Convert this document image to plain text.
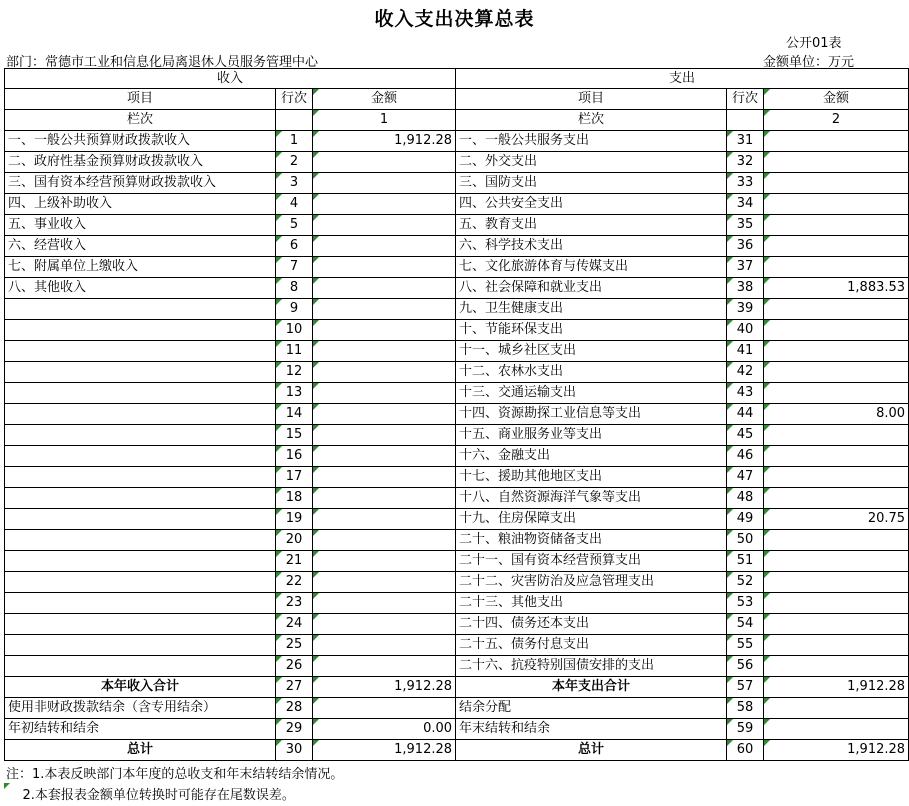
收入支出决算总表
公开01表
部门：常德市工业和信息化局离退休人员服务管理中心	金额单位：万元
收入			支出		
项目	行次	金额	项目	行次	金额
栏次		1	栏次		2
一、一般公共预算财政拨款收入	1	1,912.28	一、一般公共服务支出	31	
二、政府性基金预算财政拨款收入	2		二、外交支出	32	
三、国有资本经营预算财政拨款收入	3		三、国防支出	33	
四、上级补助收入	4		四、公共安全支出	34	
五、事业收入	5		五、教育支出	35	
六、经营收入	6		六、科学技术支出	36	
七、附属单位上缴收入	7		七、文化旅游体育与传媒支出	37	
八、其他收入	8		八、社会保障和就业支出	38	1,883.53
	9		九、卫生健康支出	39	
	10		十、节能环保支出	40	
	11		十一、城乡社区支出	41	
	12		十二、农林水支出	42	
	13		十三、交通运输支出	43	
	14		十四、资源勘探工业信息等支出	44	8.00
	15		十五、商业服务业等支出	45	
	16		十六、金融支出	46	
	17		十七、援助其他地区支出	47	
	18		十八、自然资源海洋气象等支出	48	
	19		十九、住房保障支出	49	20.75
	20		二十、粮油物资储备支出	50	
	21		二十一、国有资本经营预算支出	51	
	22		二十二、灾害防治及应急管理支出	52	
	23		二十三、其他支出	53	
	24		二十四、债务还本支出	54	
	25		二十五、债务付息支出	55	
	26		二十六、抗疫特别国债安排的支出	56	
本年收入合计	27	1,912.28	本年支出合计	57	1,912.28
使用非财政拨款结余（含专用结余）	28		结余分配	58	
年初结转和结余	29	0.00	年末结转和结余	59	
总计	30	1,912.28	总计	60	1,912.28
注：1.本表反映部门本年度的总收支和年末结转结余情况。
2.本套报表金额单位转换时可能存在尾数误差。
